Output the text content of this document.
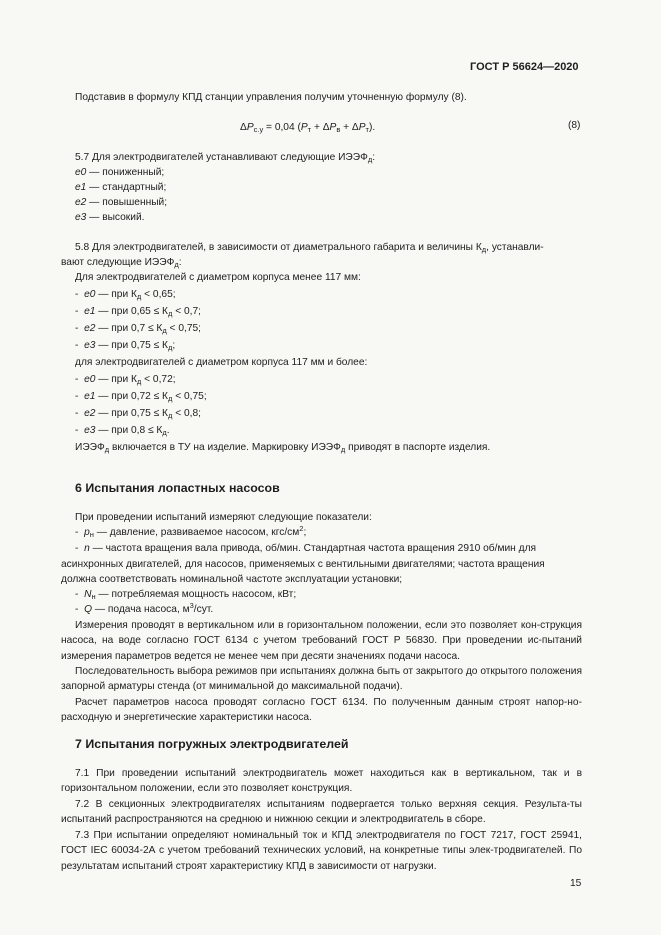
ГОСТ Р 56624—2020
Подставив в формулу КПД станции управления получим уточненную формулу (8).
$\Delta P_{с.у} = 0,04$ $(P_т + \Delta P_в + \Delta P_т)$.	(8)
5.7 Для электродвигателей устанавливают следующие $ИЭЭФ_д$:
e0 — пониженный;
e1 — стандартный;
e2 — повышенный;
e3 — высокий.
5.8 Для электродвигателей, в зависимости от диаметрального габарита и величины $К_д$, устанавли-
вают следующие $ИЭЭФ_д$:
Для электродвигателей с диаметром корпуса менее 117 мм:
- e0 — при $К_д < 0,65$;
- e1 — при $0,65 \le К_д < 0,7$;
- e2 — при $0,7 \le К_д < 0,75$;
- e3 — при $0,75 \le К_д$;
для электродвигателей с диаметром корпуса 117 мм и более:
- e0 — при $К_д < 0,72$;
- e1 — при $0,72 \le К_д < 0,75$;
- e2 — при $0,75 \le К_д < 0,8$;
- e3 — при $0,8 \le К_д$.
$ИЭЭФ_д$ включается в ТУ на изделие. Маркировку $ИЭЭФ_д$ приводят в паспорте изделия.
6 Испытания лопастных насосов
При проведении испытаний измеряют следующие показатели:
- $p_н$ — давление, развиваемое насосом, кгс/$см^2$;
- n — частота вращения вала привода, об/мин. Стандартная частота вращения 2910 об/мин для
асинхронных двигателей, для насосов, применяемых с вентильными двигателями; частота вращения
должна соответствовать номинальной частоте эксплуатации установки;
- $N_н$ — потребляемая мощность насосом, кВт;
- Q — подача насоса, $м^3$/сут.
Измерения проводят в вертикальном или в горизонтальном положении, если это позволяет кон-струкция насоса, на воде согласно ГОСТ 6134 с учетом требований ГОСТ Р 56830. При проведении ис-пытаний измерения параметров ведется не менее чем при десяти значениях подачи насоса.
Последовательность выбора режимов при испытаниях должна быть от закрытого до открытого положения запорной арматуры стенда (от минимальной до максимальной подачи).
Расчет параметров насоса проводят согласно ГОСТ 6134. По полученным данным строят напор-но-расходную и энергетические характеристики насоса.
7 Испытания погружных электродвигателей
7.1 При проведении испытаний электродвигатель может находиться как в вертикальном, так и в горизонтальном положении, если это позволяет конструкция.
7.2 В секционных электродвигателях испытаниям подвергается только верхняя секция. Результа-ты испытаний распространяются на среднюю и нижнюю секции и электродвигатель в сборе.
7.3 При испытании определяют номинальный ток и КПД электродвигателя по ГОСТ 7217, ГОСТ 25941, ГОСТ IEC 60034-2А с учетом требований технических условий, на конкретные типы элек-тродвигателей. По результатам испытаний строят характеристику КПД в зависимости от нагрузки.
15
